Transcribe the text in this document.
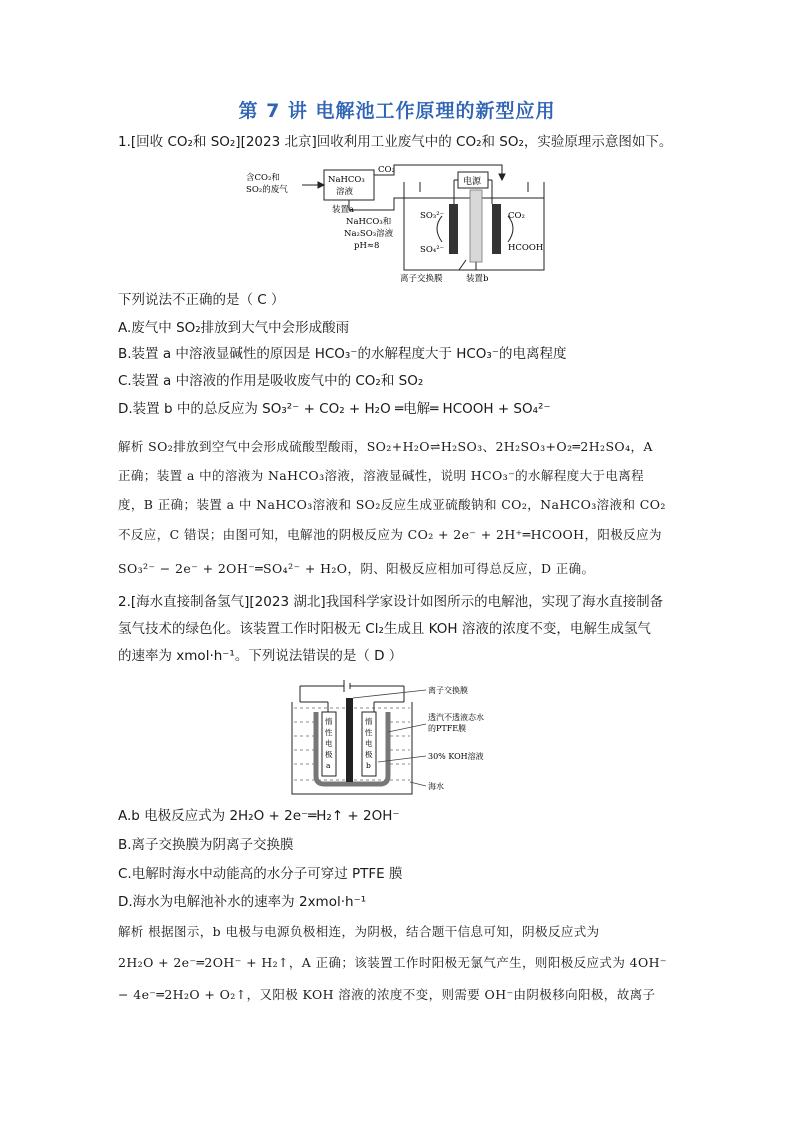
第 7 讲 电解池工作原理的新型应用
1.[回收 CO₂和 SO₂][2023 北京]回收利用工业废气中的 CO₂和 SO₂，实验原理示意图如下。
含CO₂和
SO₂的废气
NaHCO₃
溶液
装置a
CO₂
NaHCO₃和
Na₂SO₃溶液
pH≈8
电源
SO₃²⁻
SO₄²⁻
CO₂
HCOOH
离子交换膜	装置b
下列说法不正确的是（ C ）
A.废气中 SO₂排放到大气中会形成酸雨
B.装置 a 中溶液显碱性的原因是 HCO₃⁻的水解程度大于 HCO₃⁻的电离程度
C.装置 a 中溶液的作用是吸收废气中的 CO₂和 SO₂
D.装置 b 中的总反应为 SO₃²⁻ + CO₂ + H₂O ═电解═ HCOOH + SO₄²⁻
解析 SO₂排放到空气中会形成硫酸型酸雨，SO₂+H₂O⇌H₂SO₃、2H₂SO₃+O₂═2H₂SO₄，A
正确；装置 a 中的溶液为 NaHCO₃溶液，溶液显碱性，说明 HCO₃⁻的水解程度大于电离程
度，B 正确；装置 a 中 NaHCO₃溶液和 SO₂反应生成亚硫酸钠和 CO₂，NaHCO₃溶液和 CO₂
不反应，C 错误；由图可知，电解池的阴极反应为 CO₂ + 2e⁻ + 2H⁺═HCOOH，阳极反应为
SO₃²⁻ − 2e⁻ + 2OH⁻═SO₄²⁻ + H₂O，阴、阳极反应相加可得总反应，D 正确。
2.[海水直接制备氢气][2023 湖北]我国科学家设计如图所示的电解池，实现了海水直接制备
氢气技术的绿色化。该装置工作时阳极无 Cl₂生成且 KOH 溶液的浓度不变，电解生成氢气
的速率为 xmol·h⁻¹。下列说法错误的是（ D ）
惰
性
电
极
a
惰
性
电
极
b
离子交换膜
透汽不透液态水
的PTFE膜
30% KOH溶液
海水
A.b 电极反应式为 2H₂O + 2e⁻═H₂↑ + 2OH⁻
B.离子交换膜为阴离子交换膜
C.电解时海水中动能高的水分子可穿过 PTFE 膜
D.海水为电解池补水的速率为 2xmol·h⁻¹
解析 根据图示，b 电极与电源负极相连，为阴极，结合题干信息可知，阴极反应式为
2H₂O + 2e⁻═2OH⁻ + H₂↑，A 正确；该装置工作时阳极无氯气产生，则阳极反应式为 4OH⁻
− 4e⁻═2H₂O + O₂↑，又阳极 KOH 溶液的浓度不变，则需要 OH⁻由阴极移向阳极，故离子
